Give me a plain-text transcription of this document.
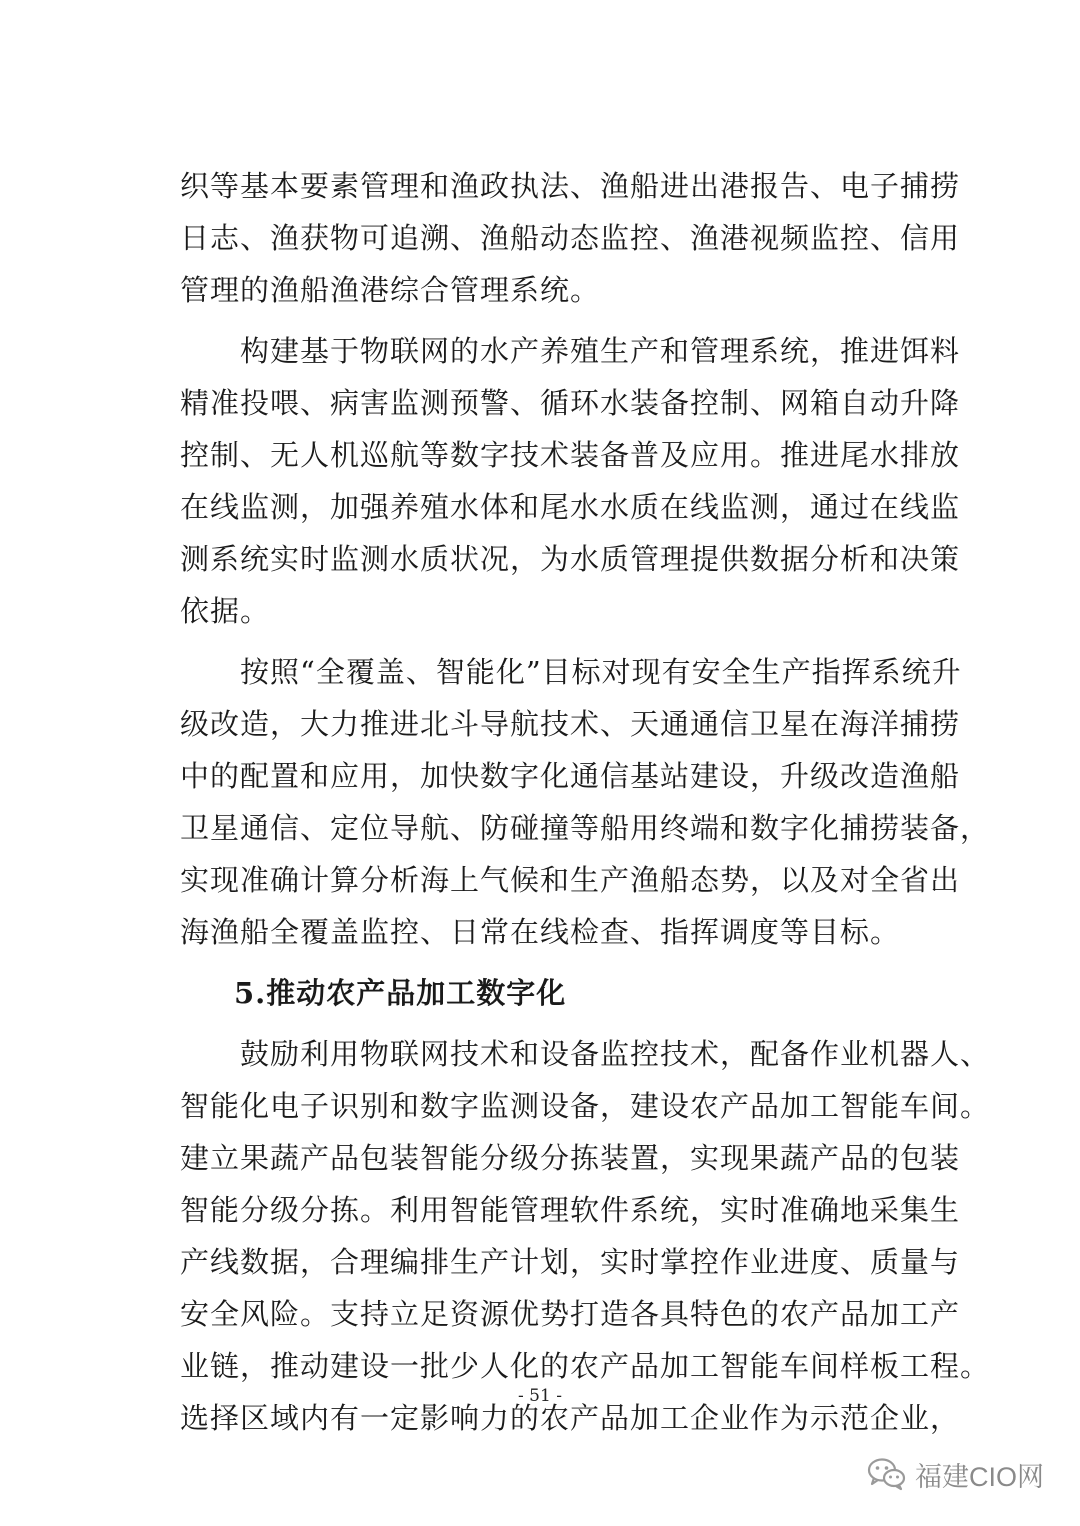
织等基本要素管理和渔政执法、渔船进出港报告、电子捕捞
日志、渔获物可追溯、渔船动态监控、渔港视频监控、信用
管理的渔船渔港综合管理系统。
　　构建基于物联网的水产养殖生产和管理系统，推进饵料
精准投喂、病害监测预警、循环水装备控制、网箱自动升降
控制、无人机巡航等数字技术装备普及应用。推进尾水排放
在线监测，加强养殖水体和尾水水质在线监测，通过在线监
测系统实时监测水质状况，为水质管理提供数据分析和决策
依据。
　　按照“全覆盖、智能化”目标对现有安全生产指挥系统升
级改造，大力推进北斗导航技术、天通通信卫星在海洋捕捞
中的配置和应用，加快数字化通信基站建设，升级改造渔船
卫星通信、定位导航、防碰撞等船用终端和数字化捕捞装备，
实现准确计算分析海上气候和生产渔船态势，以及对全省出
海渔船全覆盖监控、日常在线检查、指挥调度等目标。
5.推动农产品加工数字化
　　鼓励利用物联网技术和设备监控技术，配备作业机器人、
智能化电子识别和数字监测设备，建设农产品加工智能车间。
建立果蔬产品包装智能分级分拣装置，实现果蔬产品的包装
智能分级分拣。利用智能管理软件系统，实时准确地采集生
产线数据，合理编排生产计划，实时掌控作业进度、质量与
安全风险。支持立足资源优势打造各具特色的农产品加工产
业链，推动建设一批少人化的农产品加工智能车间样板工程。
选择区域内有一定影响力的农产品加工企业作为示范企业，
- 51 -
福建CIO网
